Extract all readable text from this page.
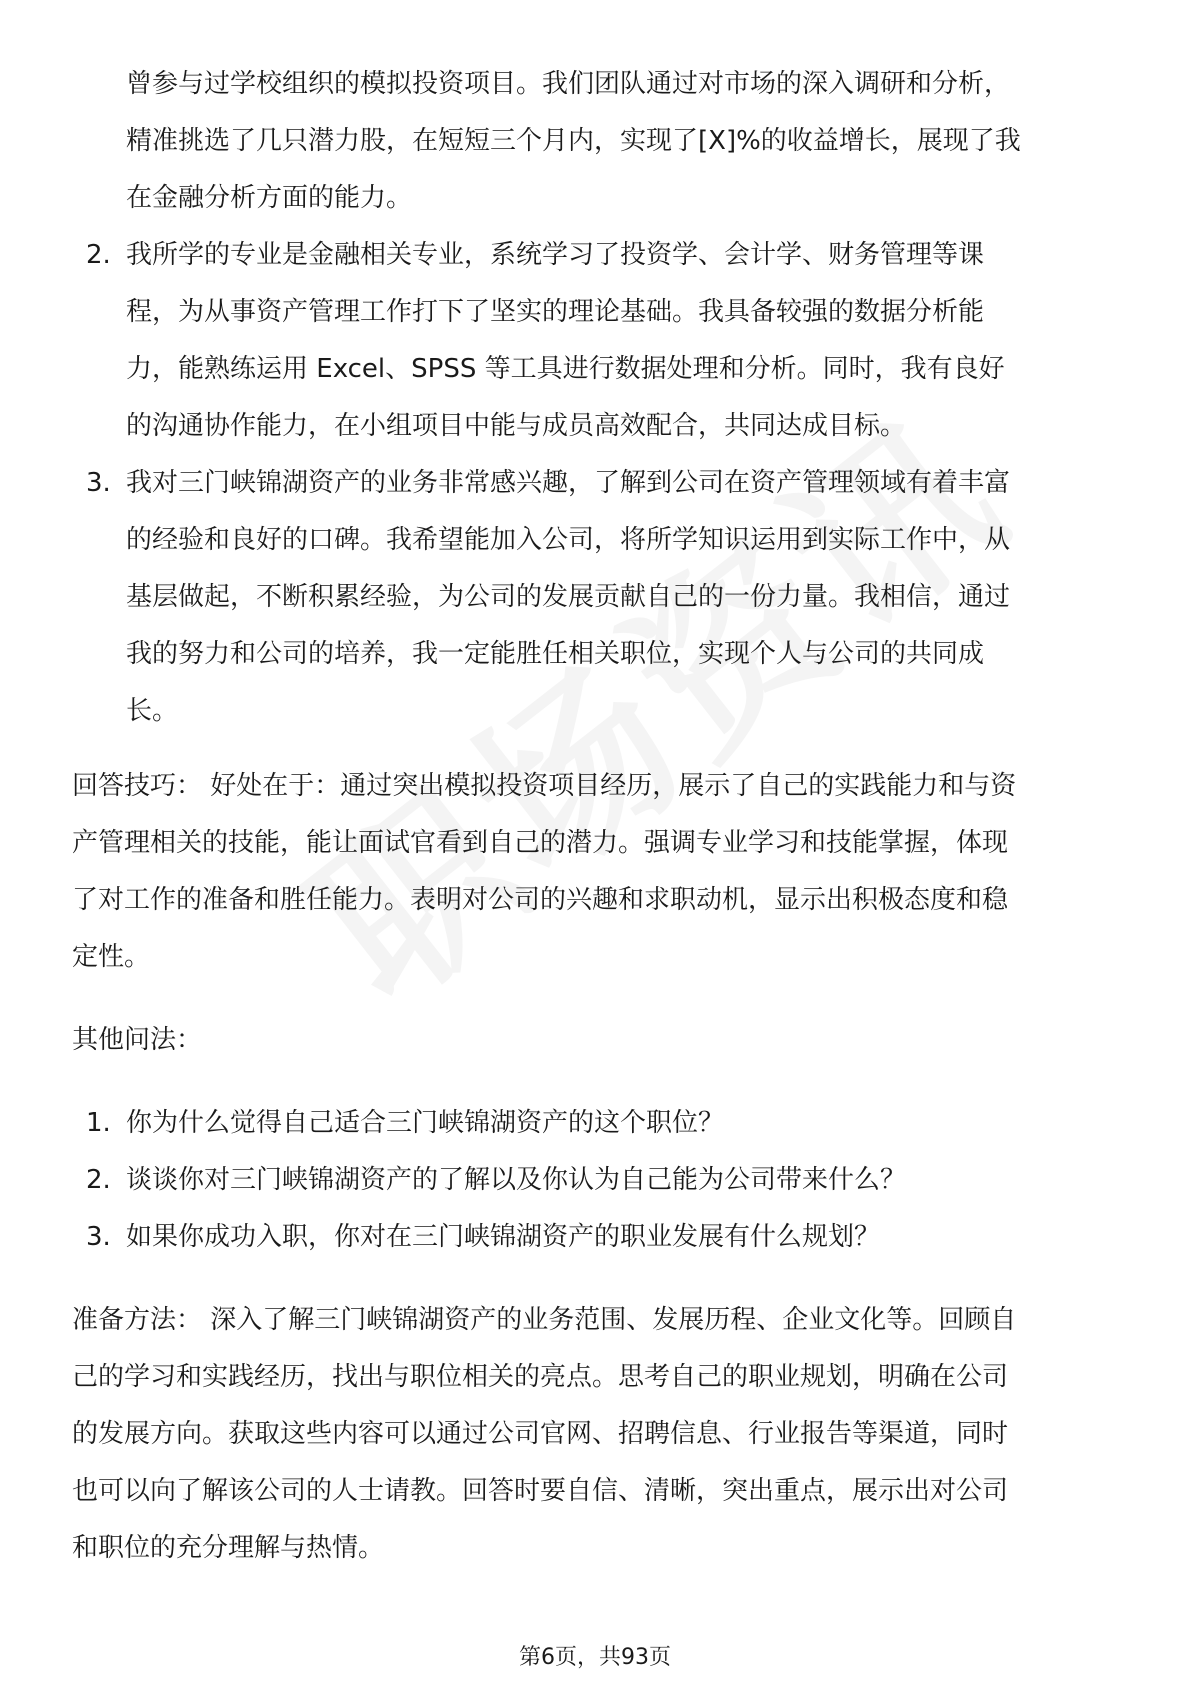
曾参与过学校组织的模拟投资项目。我们团队通过对市场的深入调研和分析，
精准挑选了几只潜力股，在短短三个月内，实现了[X]%的收益增长，展现了我
在金融分析方面的能力。
2. 我所学的专业是金融相关专业，系统学习了投资学、会计学、财务管理等课
程，为从事资产管理工作打下了坚实的理论基础。我具备较强的数据分析能
力，能熟练运用 Excel、SPSS 等工具进行数据处理和分析。同时，我有良好
的沟通协作能力，在小组项目中能与成员高效配合，共同达成目标。
3. 我对三门峡锦湖资产的业务非常感兴趣，了解到公司在资产管理领域有着丰富
的经验和良好的口碑。我希望能加入公司，将所学知识运用到实际工作中，从
基层做起，不断积累经验，为公司的发展贡献自己的一份力量。我相信，通过
我的努力和公司的培养，我一定能胜任相关职位，实现个人与公司的共同成
长。
回答技巧： 好处在于：通过突出模拟投资项目经历，展示了自己的实践能力和与资
产管理相关的技能，能让面试官看到自己的潜力。强调专业学习和技能掌握，体现
了对工作的准备和胜任能力。表明对公司的兴趣和求职动机，显示出积极态度和稳
定性。
其他问法：
1. 你为什么觉得自己适合三门峡锦湖资产的这个职位？
2. 谈谈你对三门峡锦湖资产的了解以及你认为自己能为公司带来什么？
3. 如果你成功入职，你对在三门峡锦湖资产的职业发展有什么规划？
准备方法： 深入了解三门峡锦湖资产的业务范围、发展历程、企业文化等。回顾自
己的学习和实践经历，找出与职位相关的亮点。思考自己的职业规划，明确在公司
的发展方向。获取这些内容可以通过公司官网、招聘信息、行业报告等渠道，同时
也可以向了解该公司的人士请教。回答时要自信、清晰，突出重点，展示出对公司
和职位的充分理解与热情。
第6页，共93页
